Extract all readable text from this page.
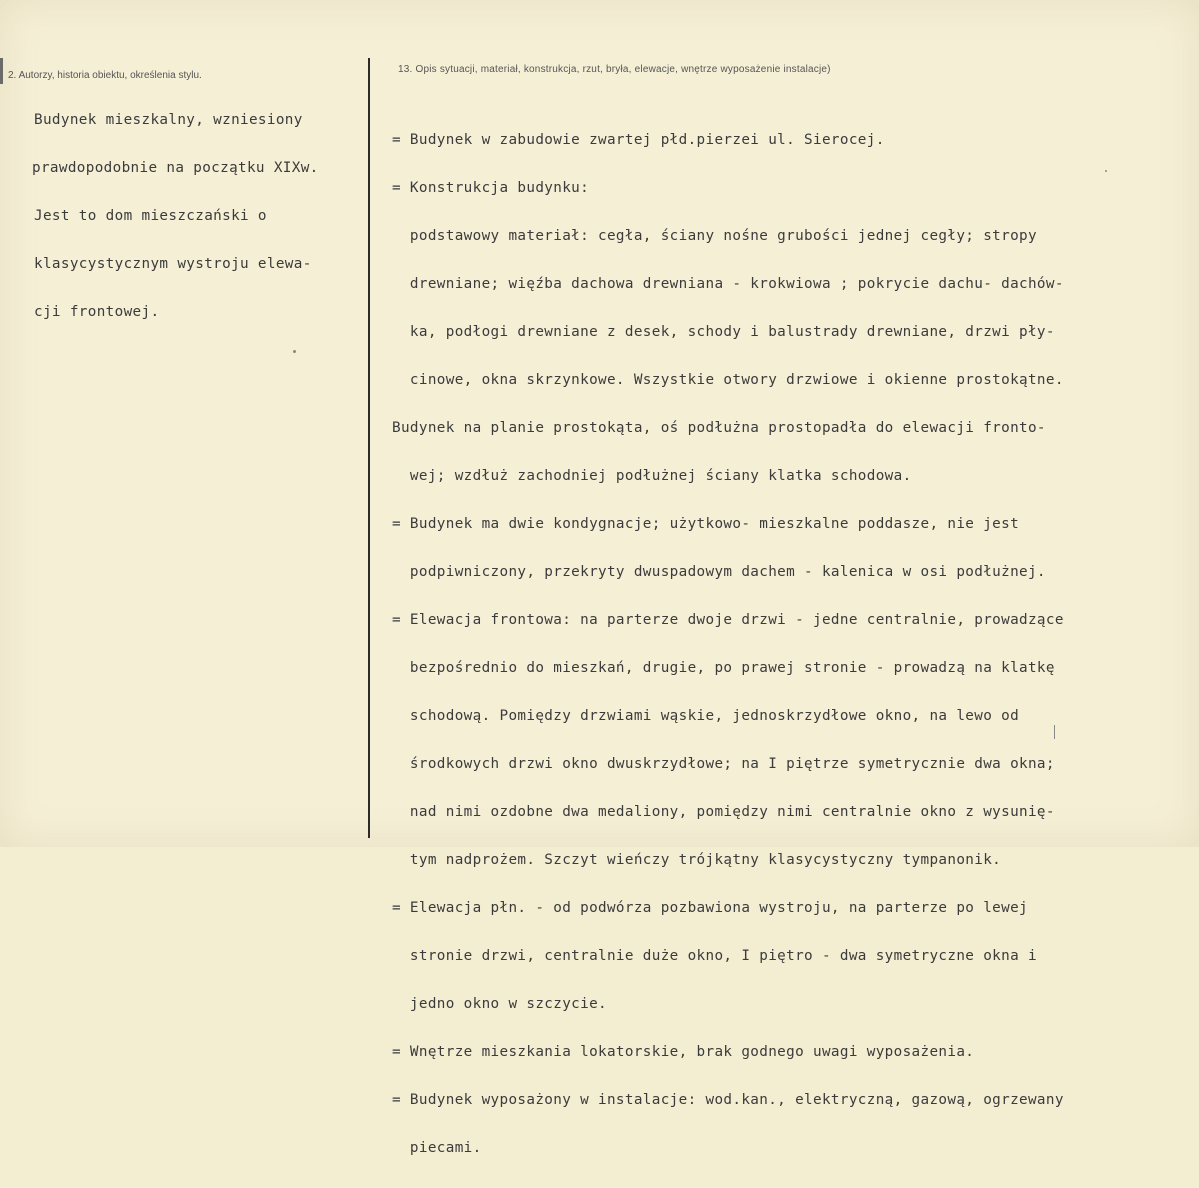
2. Autorzy, historia obiektu, określenia stylu.
13. Opis sytuacji, materiał, konstrukcja, rzut, bryła, elewacje, wnętrze wyposażenie instalacje)

Budynek mieszkalny, wzniesiony

prawdopodobnie na początku XIXw.

Jest to dom mieszczański o

klasycystycznym wystroju elewa-

cji frontowej.

= Budynek w zabudowie zwartej płd.pierzei ul. Sierocej.

= Konstrukcja budynku:

podstawowy materiał: cegła, ściany nośne grubości jednej cegły; stropy

drewniane; więźba dachowa drewniana - krokwiowa ; pokrycie dachu- dachów-

ka, podłogi drewniane z desek, schody i balustrady drewniane, drzwi pły-

cinowe, okna skrzynkowe. Wszystkie otwory drzwiowe i okienne prostokątne.

Budynek na planie prostokąta, oś podłużna prostopadła do elewacji fronto-

wej; wzdłuż zachodniej podłużnej ściany klatka schodowa.

= Budynek ma dwie kondygnacje; użytkowo- mieszkalne poddasze, nie jest

podpiwniczony, przekryty dwuspadowym dachem - kalenica w osi podłużnej.

= Elewacja frontowa: na parterze dwoje drzwi - jedne centralnie, prowadzące

bezpośrednio do mieszkań, drugie, po prawej stronie - prowadzą na klatkę

schodową. Pomiędzy drzwiami wąskie, jednoskrzydłowe okno, na lewo od

środkowych drzwi okno dwuskrzydłowe; na I piętrze symetrycznie dwa okna;

nad nimi ozdobne dwa medaliony, pomiędzy nimi centralnie okno z wysunię-

tym nadprożem. Szczyt wieńczy trójkątny klasycystyczny tympanonik.

= Elewacja płn. - od podwórza pozbawiona wystroju, na parterze po lewej

stronie drzwi, centralnie duże okno, I piętro - dwa symetryczne okna i

jedno okno w szczycie.

= Wnętrze mieszkania lokatorskie, brak godnego uwagi wyposażenia.

= Budynek wyposażony w instalacje: wod.kan., elektryczną, gazową, ogrzewany

piecami.
